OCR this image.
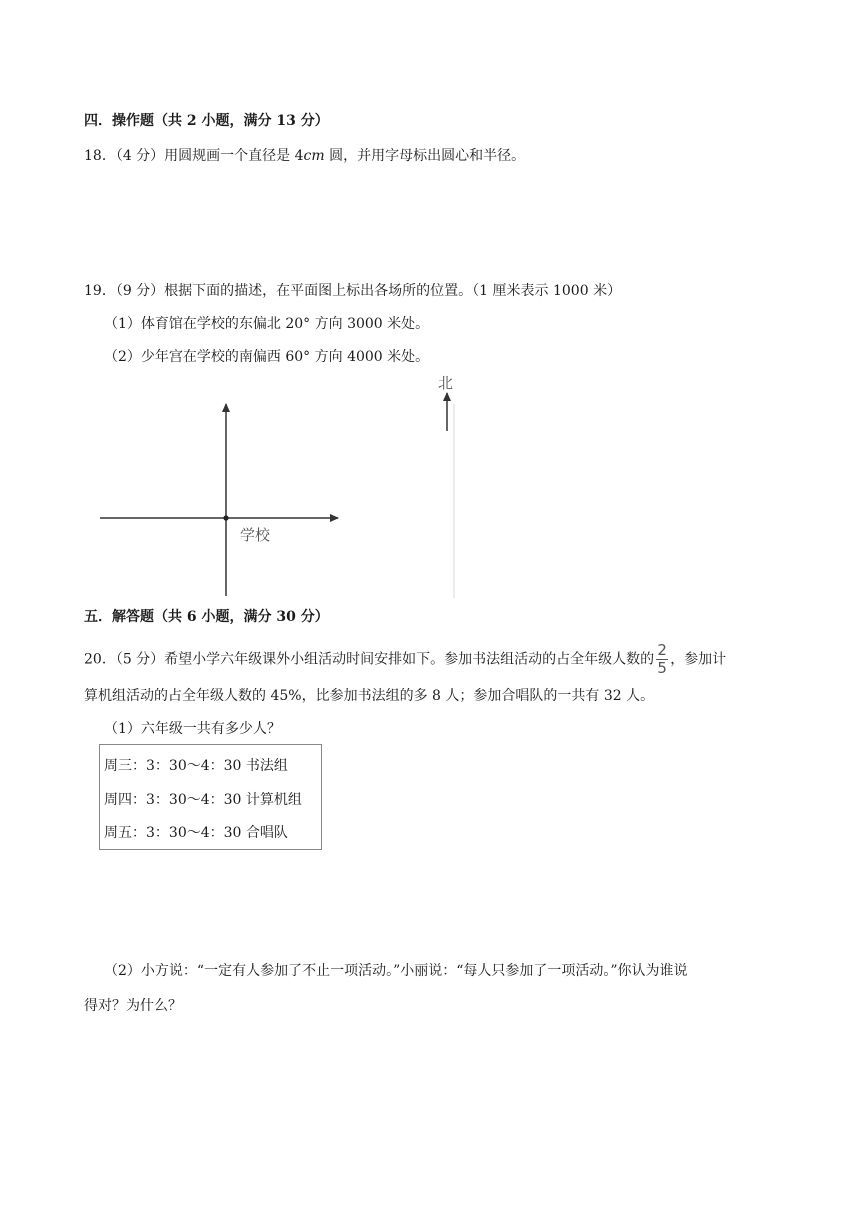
四．操作题（共 2 小题，满分 13 分）
18．（4 分）用圆规画一个直径是 4cm 圆，并用字母标出圆心和半径。
19．（9 分）根据下面的描述，在平面图上标出各场所的位置。（1 厘米表示 1000 米）
（1）体育馆在学校的东偏北 20° 方向 3000 米处。
（2）少年宫在学校的南偏西 60° 方向 4000 米处。
学校
北
五．解答题（共 6 小题，满分 30 分）
20．（5 分）希望小学六年级课外小组活动时间安排如下。参加书法组活动的占全年级人数的 $\frac{2}{5}$ ，参加计
算机组活动的占全年级人数的 45%，比参加书法组的多 8 人；参加合唱队的一共有 32 人。
（1）六年级一共有多少人？
周三：3：30～4：30 书法组
周四：3：30～4：30 计算机组
周五：3：30～4：30 合唱队
（2）小方说：“一定有人参加了不止一项活动。”小丽说：“每人只参加了一项活动。”你认为谁说
得对？为什么？
